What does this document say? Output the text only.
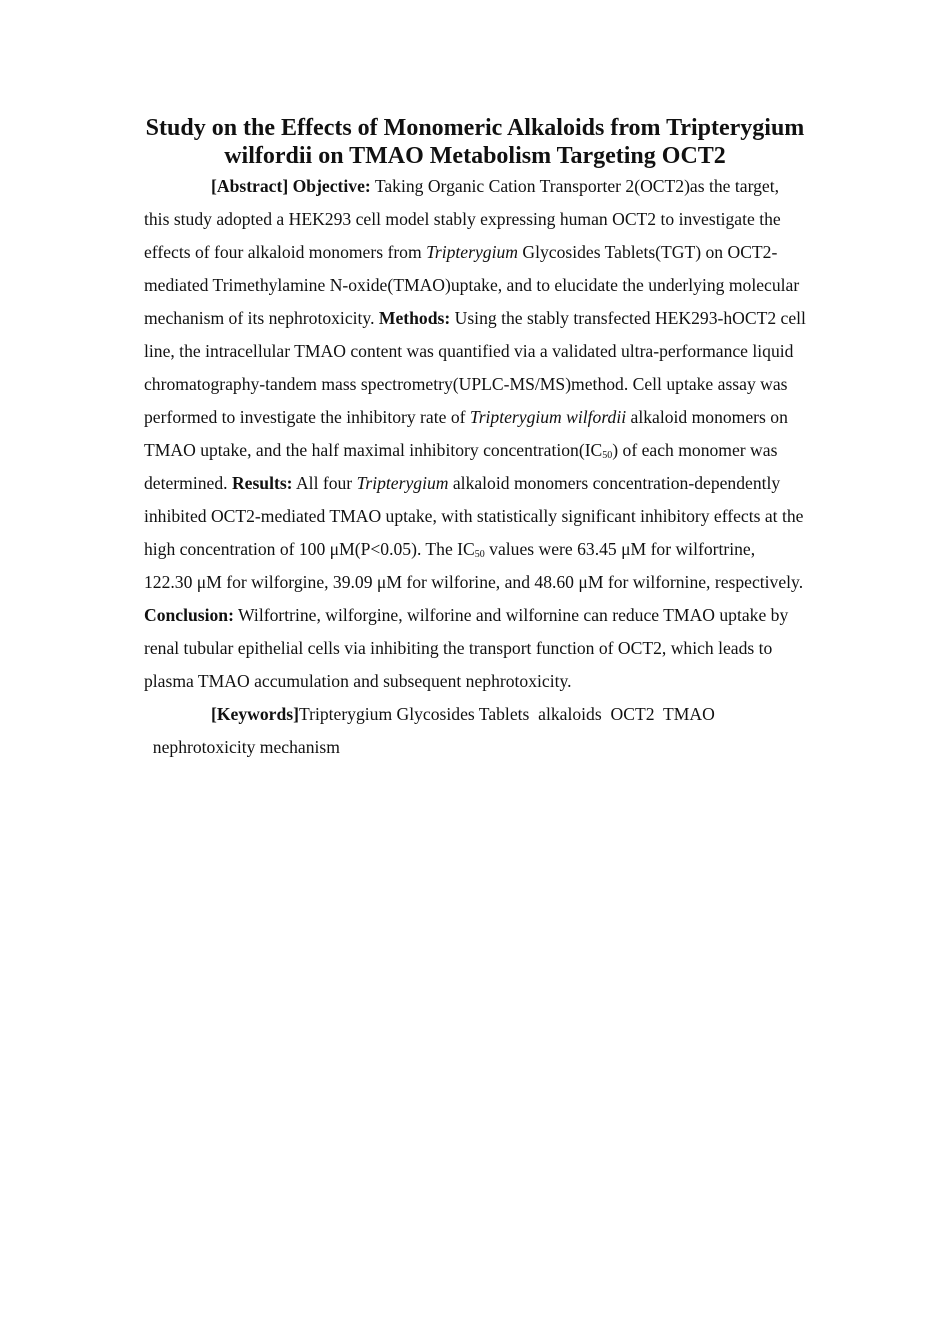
Study on the Effects of Monomeric Alkaloids from Tripterygium wilfordii on TMAO Metabolism Targeting OCT2

[Abstract] Objective: Taking Organic Cation Transporter 2(OCT2)as the target, this study adopted a HEK293 cell model stably expressing human OCT2 to investigate the effects of four alkaloid monomers from Tripterygium Glycosides Tablets(TGT) on OCT2-mediated Trimethylamine N-oxide(TMAO)uptake, and to elucidate the underlying molecular mechanism of its nephrotoxicity. Methods: Using the stably transfected HEK293-hOCT2 cell line, the intracellular TMAO content was quantified via a validated ultra-performance liquid chromatography-tandem mass spectrometry(UPLC-MS/MS)method. Cell uptake assay was performed to investigate the inhibitory rate of Tripterygium wilfordii alkaloid monomers on TMAO uptake, and the half maximal inhibitory $concentration(IC_{50})$ of each monomer was determined. Results: All four Tripterygium alkaloid monomers concentration-dependently inhibited OCT2-mediated TMAO uptake, with statistically significant inhibitory effects at the high concentration of 100 μM(P<0.05). The $IC_{50}$ values were 63.45 μM for wilfortrine, 122.30 μM for wilforgine, 39.09 μM for wilforine, and 48.60 μM for wilfornine, respectively. Conclusion: Wilfortrine, wilforgine, wilforine and wilfornine can reduce TMAO uptake by renal tubular epithelial cells via inhibiting the transport function of OCT2, which leads to plasma TMAO accumulation and subsequent nephrotoxicity.

[Keywords]Tripterygium Glycosides Tablets alkaloids OCT2 TMAO  nephrotoxicity mechanism
